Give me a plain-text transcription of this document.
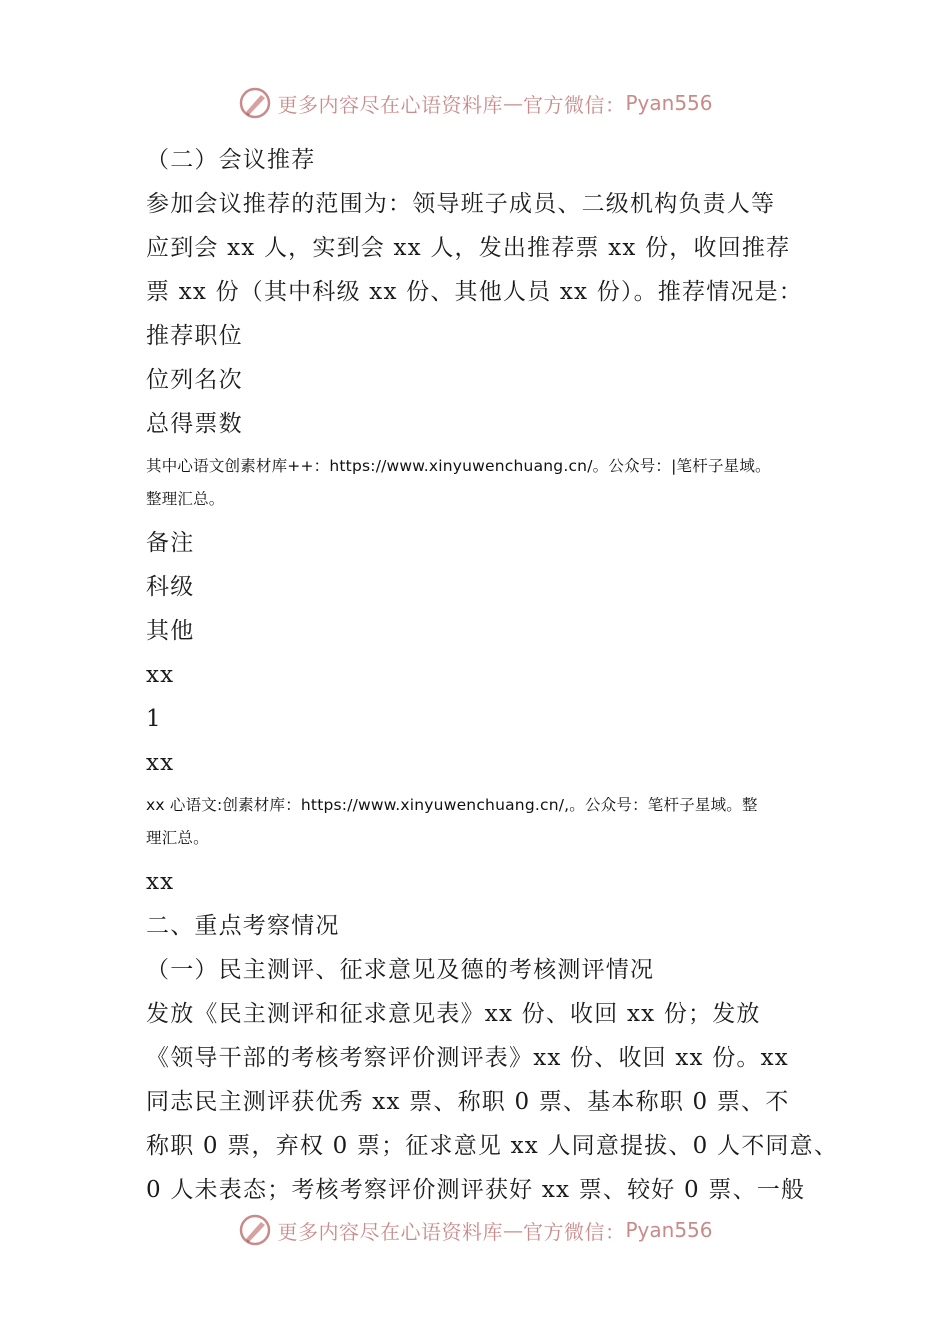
更多内容尽在心语资料库 — 官方微信： Pyan556
（二）会议推荐
参加会议推荐的范围为：领导班子成员、二级机构负责人等
应到会 xx 人，实到会 xx 人，发出推荐票 xx 份，收回推荐
票 xx 份（其中科级 xx 份、其他人员 xx 份）。推荐情况是：
推荐职位
位列名次
总得票数
其中心语文创素材库++：https://www.xinyuwenchuang.cn/。公众号：|笔杆子星域。
整理汇总。
备注
科级
其他
xx
1
xx
xx 心语文:创素材库：https://www.xinyuwenchuang.cn/,。公众号：笔杆子星域。整
理汇总。
xx
二、重点考察情况
（一）民主测评、征求意见及德的考核测评情况
发放《民主测评和征求意见表》xx 份、收回 xx 份；发放
《领导干部的考核考察评价测评表》xx 份、收回 xx 份。xx
同志民主测评获优秀 xx 票、称职 0 票、基本称职 0 票、不
称职 0 票，弃权 0 票；征求意见 xx 人同意提拔、0 人不同意、
0 人未表态；考核考察评价测评获好 xx 票、较好 0 票、一般
更多内容尽在心语资料库 — 官方微信： Pyan556
